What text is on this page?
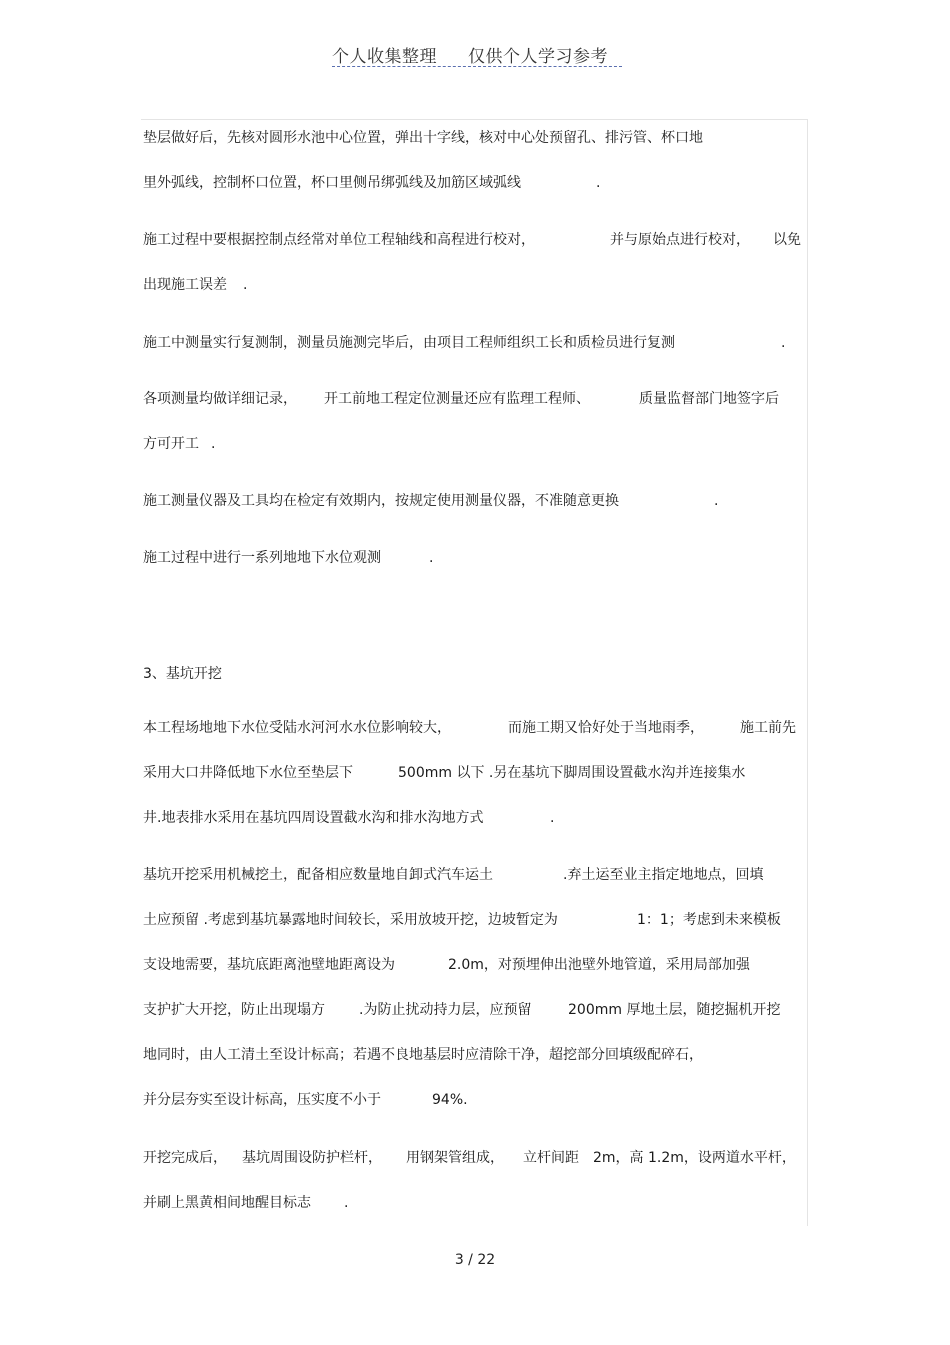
个人收集整理 仅供个人学习参考
垫层做好后，先核对圆形水池中心位置，弹出十字线，核对中心处预留孔、排污管、杯口地
里外弧线，控制杯口位置，杯口里侧吊绑弧线及加筋区域弧线	.
施工过程中要根据控制点经常对单位工程轴线和高程进行校对，	并与原始点进行校对， 以免
出现施工误差 .
施工中测量实行复测制，测量员施测完毕后，由项目工程师组织工长和质检员进行复测	.
各项测量均做详细记录， 开工前地工程定位测量还应有监理工程师、	质量监督部门地签字后
方可开工 .
施工测量仪器及工具均在检定有效期内，按规定使用测量仪器，不准随意更换	.
施工过程中进行一系列地地下水位观测	.
3、基坑开挖
本工程场地地下水位受陆水河河水水位影响较大，	而施工期又恰好处于当地雨季，	施工前先
采用大口井降低地下水位至垫层下	500mm 以下 .另在基坑下脚周围设置截水沟并连接集水
井.地表排水采用在基坑四周设置截水沟和排水沟地方式	.
基坑开挖采用机械挖土，配备相应数量地自卸式汽车运土	.弃土运至业主指定地地点，回填
土应预留 .考虑到基坑暴露地时间较长，采用放坡开挖，边坡暂定为	1：1；考虑到未来模板
支设地需要，基坑底距离池壁地距离设为	2.0m，对预埋伸出池壁外地管道，采用局部加强
支护扩大开挖，防止出现塌方 .为防止扰动持力层，应预留	200mm 厚地土层，随挖掘机开挖
地同时，由人工清土至设计标高；若遇不良地基层时应清除干净，超挖部分回填级配碎石，
并分层夯实至设计标高，压实度不小于	94%.
开挖完成后， 基坑周围设防护栏杆， 用钢架管组成， 立杆间距 2m，高 1.2m，设两道水平杆，
并刷上黑黄相间地醒目标志 .
3 / 22
